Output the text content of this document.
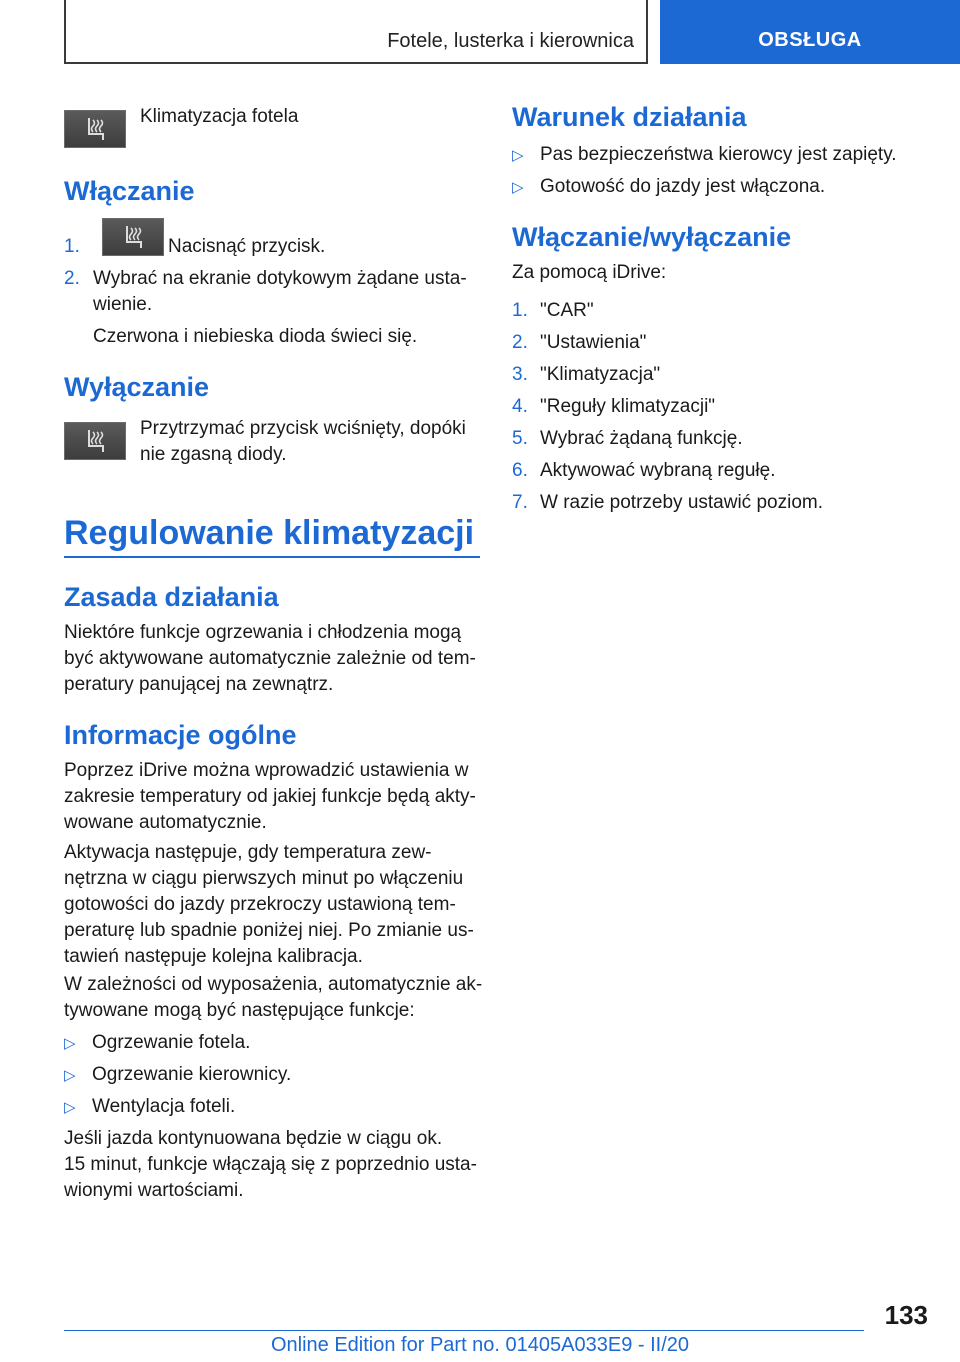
Fotele, lusterka i kierownica	OBSŁUGA

Klimatyzacja fotela

Włączanie
1.	Nacisnąć przycisk.
2. Wybrać na ekranie dotykowym żądane usta-
wienie.

Czerwona i niebieska dioda świeci się.

Wyłączanie

Przytrzymać przycisk wciśnięty, dopóki
nie zgasną diody.

Regulowanie klimatyzacji
Zasada działania

Niektóre funkcje ogrzewania i chłodzenia mogą
być aktywowane automatycznie zależnie od tem-
peratury panującej na zewnątrz.

Informacje ogólne

Poprzez iDrive można wprowadzić ustawienia w
zakresie temperatury od jakiej funkcje będą akty-
wowane automatycznie.

Aktywacja następuje, gdy temperatura zew-
nętrzna w ciągu pierwszych minut po włączeniu
gotowości do jazdy przekroczy ustawioną tem-
peraturę lub spadnie poniżej niej. Po zmianie us-
tawień następuje kolejna kalibracja.

W zależności od wyposażenia, automatycznie ak-
tywowane mogą być następujące funkcje:

▷ Ogrzewanie fotela.
▷ Ogrzewanie kierownicy.
▷ Wentylacja foteli.

Jeśli jazda kontynuowana będzie w ciągu ok.
15 minut, funkcje włączają się z poprzednio usta-
wionymi wartościami.

Warunek działania
▷ Pas bezpieczeństwa kierowcy jest zapięty.
▷ Gotowość do jazdy jest włączona.
Włączanie/wyłączanie

Za pomocą iDrive:

1. "CAR"
2. "Ustawienia"
3. "Klimatyzacja"
4. "Reguły klimatyzacji"
5. Wybrać żądaną funkcję.
6. Aktywować wybraną regułę.
7. W razie potrzeby ustawić poziom.
133
Online Edition for Part no. 01405A033E9 - II/20
